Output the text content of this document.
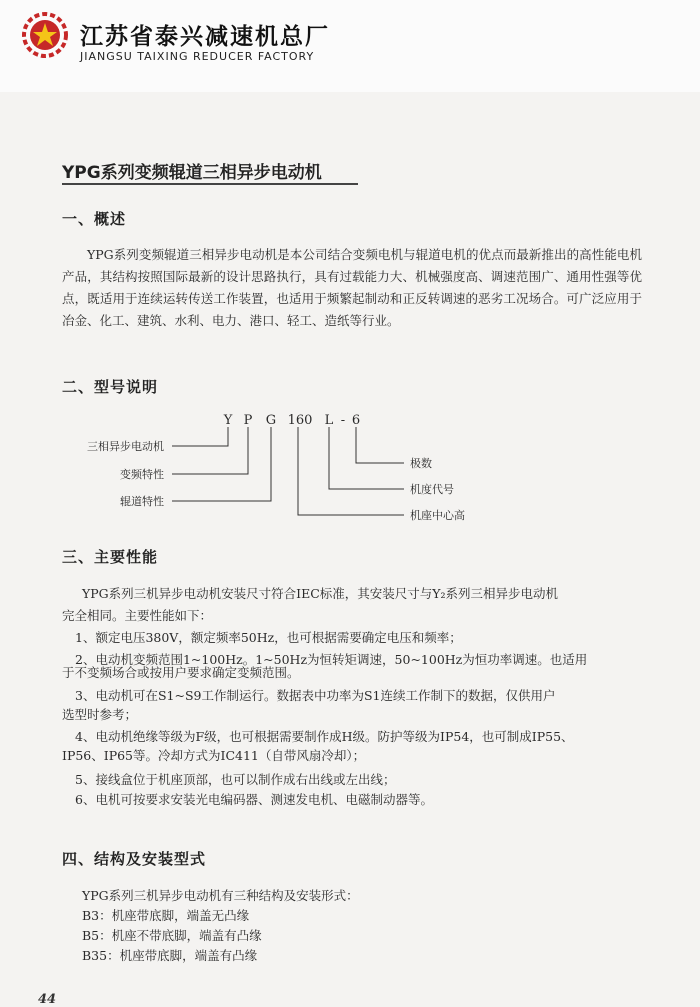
江苏省泰兴减速机总厂
JIANGSU TAIXING REDUCER FACTORY
YPG系列变频辊道三相异步电动机
一、概述
YPG系列变频辊道三相异步电动机是本公司结合变频电机与辊道电机的优点而最新推出的高性能电机产品，其结构按照国际最新的设计思路执行，具有过载能力大、机械强度高、调速范围广、通用性强等优点，既适用于连续运转传送工作装置，也适用于频繁起制动和正反转调速的恶劣工况场合。可广泛应用于冶金、化工、建筑、水利、电力、港口、轻工、造纸等行业。
二、型号说明
Y P G 160 L - 6
三相异步电动机
变频特性
辊道特性
极数
机度代号
机座中心高
三、主要性能
YPG系列三机异步电动机安装尺寸符合IEC标准，其安装尺寸与Y₂系列三相异步电动机
完全相同。主要性能如下：
1、额定电压380V，额定频率50Hz，也可根据需要确定电压和频率；
2、电动机变频范围1~100Hz。1~50Hz为恒转矩调速，50~100Hz为恒功率调速。也适用
于不变频场合或按用户要求确定变频范围。
3、电动机可在S1~S9工作制运行。数据表中功率为S1连续工作制下的数据，仅供用户
选型时参考；
4、电动机绝缘等级为F级，也可根据需要制作成H级。防护等级为IP54，也可制成IP55、
IP56、IP65等。冷却方式为IC411（自带风扇冷却）；
5、接线盒位于机座顶部，也可以制作成右出线或左出线；
6、电机可按要求安装光电编码器、测速发电机、电磁制动器等。
四、结构及安装型式
YPG系列三机异步电动机有三种结构及安装形式：
B3：机座带底脚，端盖无凸缘
B5：机座不带底脚，端盖有凸缘
B35：机座带底脚，端盖有凸缘
44
